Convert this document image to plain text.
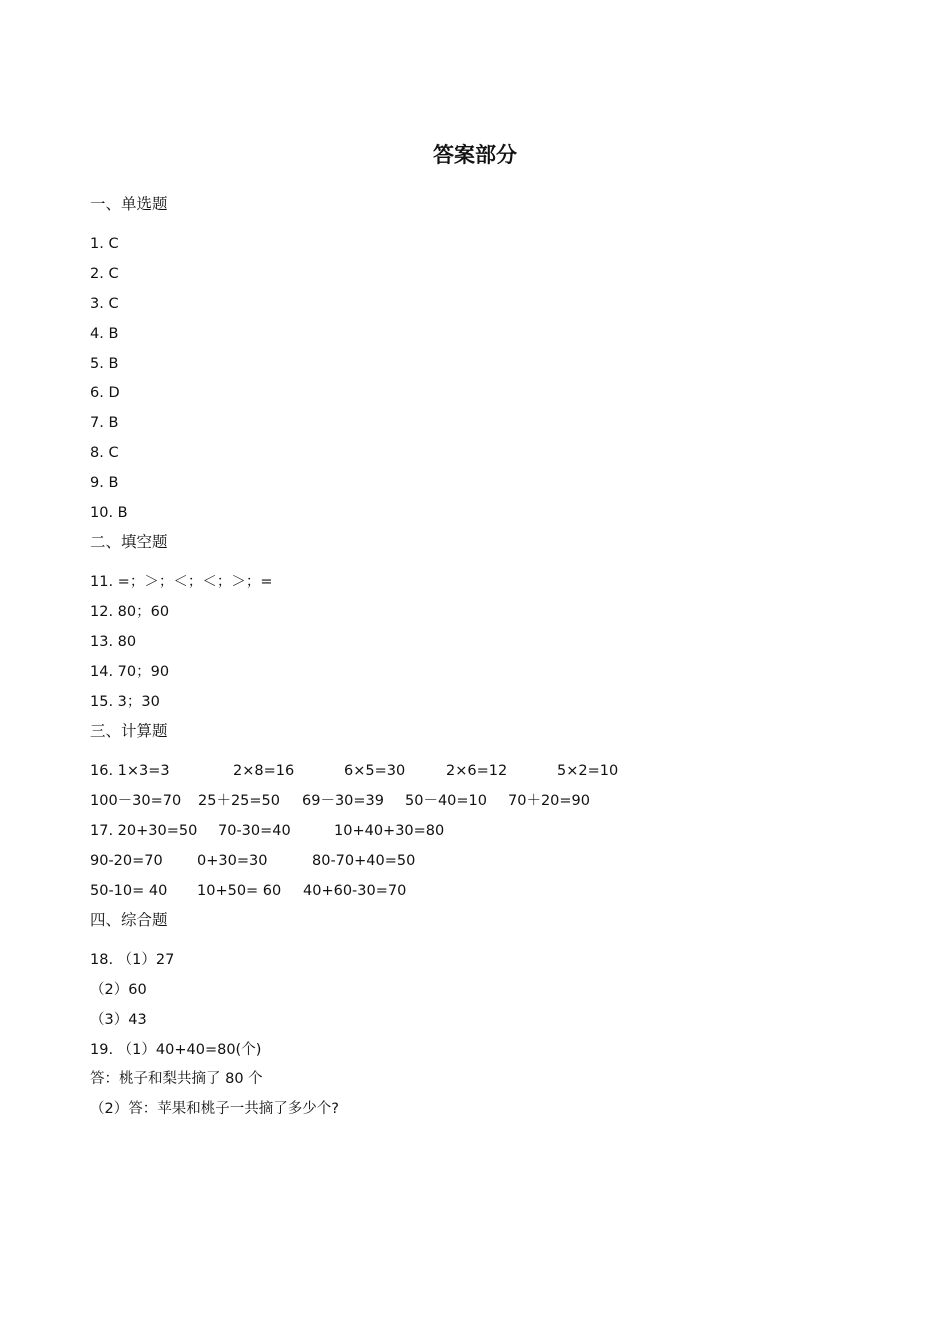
答案部分
一、单选题
1. C
2. C
3. C
4. B
5. B
6. D
7. B
8. C
9. B
10. B
二、填空题
11. =；＞；＜；＜；＞；=
12. 80；60
13. 80
14. 70；90
15. 3；30
三、计算题
16. 1×3=3	2×8=16	6×5=30	2×6=12	5×2=10
100－30=70 25＋25=50 69－30=39 50－40=10 70＋20=90
17. 20+30=50 70-30=40	10+40+30=80
90-20=70 0+30=30	80-70+40=50
50-10= 40 10+50= 60 40+60-30=70
四、综合题
18. （1）27
（2）60
（3）43
19. （1）40+40=80(个)
答：桃子和梨共摘了 80 个
（2）答：苹果和桃子一共摘了多少个?
